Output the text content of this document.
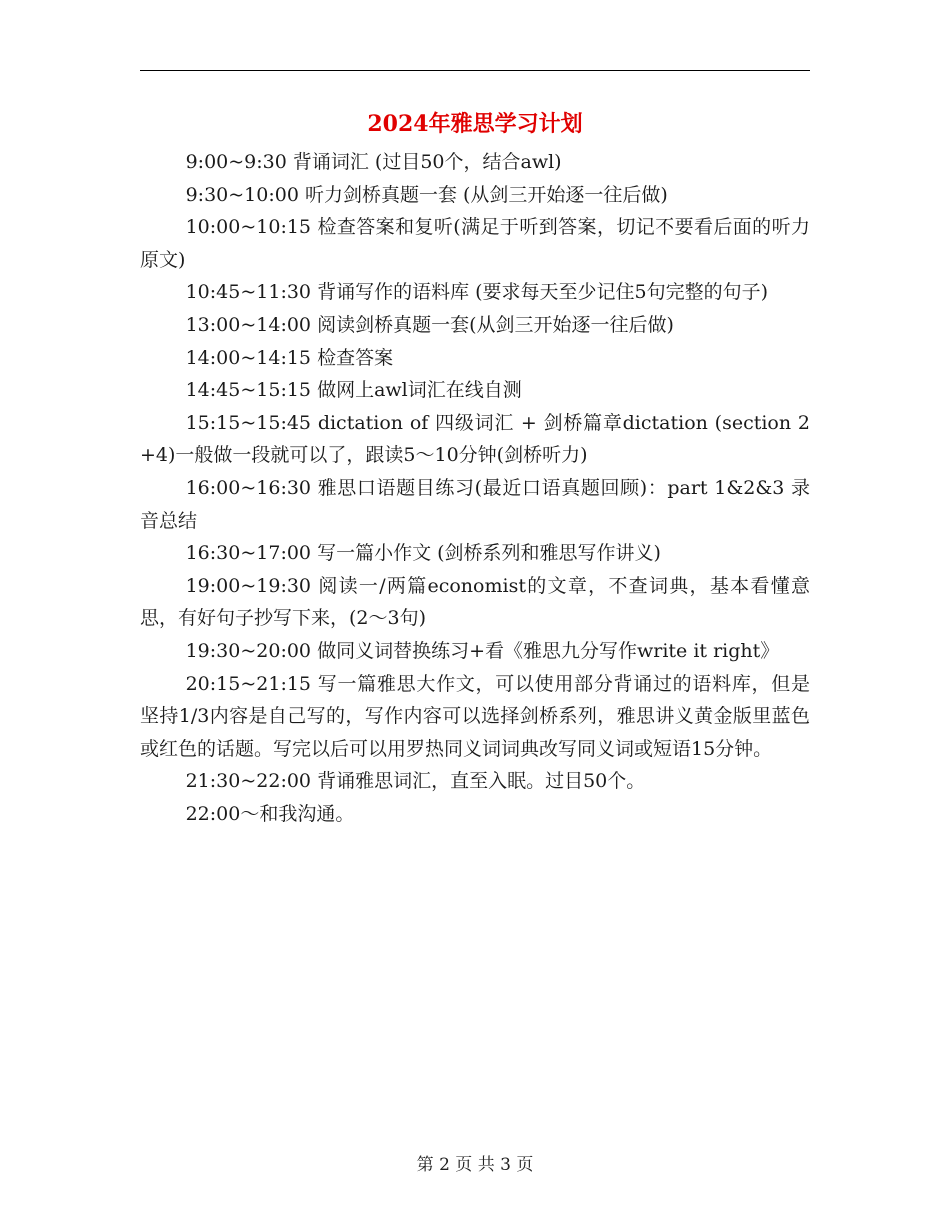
2024年雅思学习计划

9:00~9:30 背诵词汇 (过目50个，结合awl)

9:30~10:00 听力剑桥真题一套 (从剑三开始逐一往后做)

10:00~10:15 检查答案和复听(满足于听到答案，切记不要看后面的听力原文)

10:45~11:30 背诵写作的语料库 (要求每天至少记住5句完整的句子)

13:00~14:00 阅读剑桥真题一套(从剑三开始逐一往后做)

14:00~14:15 检查答案

14:45~15:15 做网上awl词汇在线自测

15:15~15:45 dictation of 四级词汇 + 剑桥篇章dictation (section 2+4)一般做一段就可以了，跟读5～10分钟(剑桥听力)

16:00~16:30 雅思口语题目练习(最近口语真题回顾)：part 1&2&3 录音总结

16:30~17:00 写一篇小作文 (剑桥系列和雅思写作讲义)

19:00~19:30 阅读一/两篇economist的文章，不查词典，基本看懂意思，有好句子抄写下来，(2～3句)

19:30~20:00 做同义词替换练习+看《雅思九分写作write it right》

20:15~21:15 写一篇雅思大作文，可以使用部分背诵过的语料库，但是坚持1/3内容是自己写的，写作内容可以选择剑桥系列，雅思讲义黄金版里蓝色或红色的话题。写完以后可以用罗热同义词词典改写同义词或短语15分钟。

21:30~22:00 背诵雅思词汇，直至入眠。过目50个。

22:00～和我沟通。

第 2 页 共 3 页
